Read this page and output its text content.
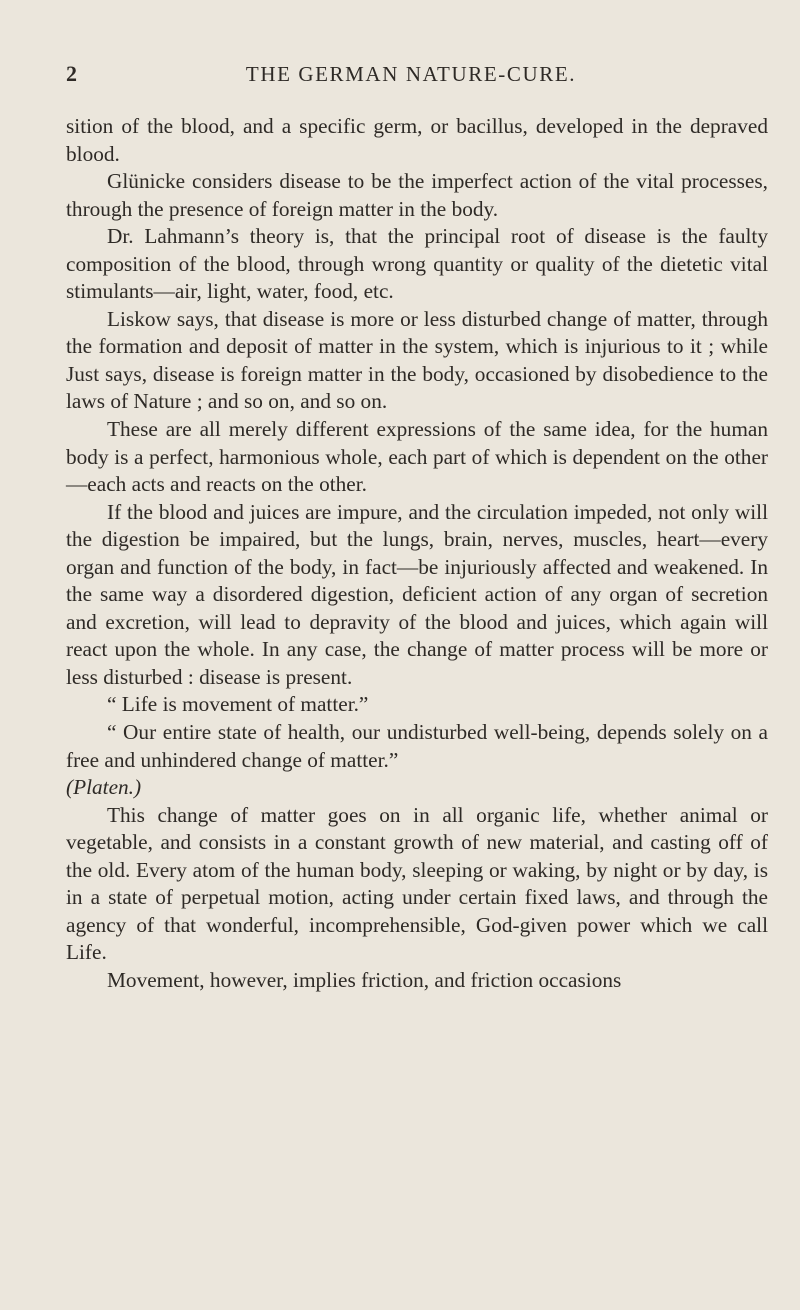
2	THE GERMAN NATURE-CURE.

sition of the blood, and a specific germ, or bacillus, developed in the depraved blood.

Glünicke considers disease to be the imperfect action of the vital processes, through the presence of foreign matter in the body.

Dr. Lahmann’s theory is, that the principal root of disease is the faulty composition of the blood, through wrong quantity or quality of the dietetic vital stimulants—air, light, water, food, etc.

Liskow says, that disease is more or less disturbed change of matter, through the formation and deposit of matter in the system, which is injurious to it ; while Just says, disease is foreign matter in the body, occasioned by disobedience to the laws of Nature ; and so on, and so on.

These are all merely different expressions of the same idea, for the human body is a perfect, harmonious whole, each part of which is dependent on the other—each acts and reacts on the other.

If the blood and juices are impure, and the circulation impeded, not only will the digestion be impaired, but the lungs, brain, nerves, muscles, heart—every organ and function of the body, in fact—be injuriously affected and weakened. In the same way a disordered digestion, deficient action of any organ of secretion and excretion, will lead to depravity of the blood and juices, which again will react upon the whole. In any case, the change of matter process will be more or less disturbed : disease is present.

“ Life is movement of matter.”

“ Our entire state of health, our undisturbed well-being, depends solely on a free and unhindered change of matter.”

(Platen.)

This change of matter goes on in all organic life, whether animal or vegetable, and consists in a constant growth of new material, and casting off of the old. Every atom of the human body, sleeping or waking, by night or by day, is in a state of perpetual motion, acting under certain fixed laws, and through the agency of that wonderful, incomprehensible, God-given power which we call Life.

Movement, however, implies friction, and friction occasions
